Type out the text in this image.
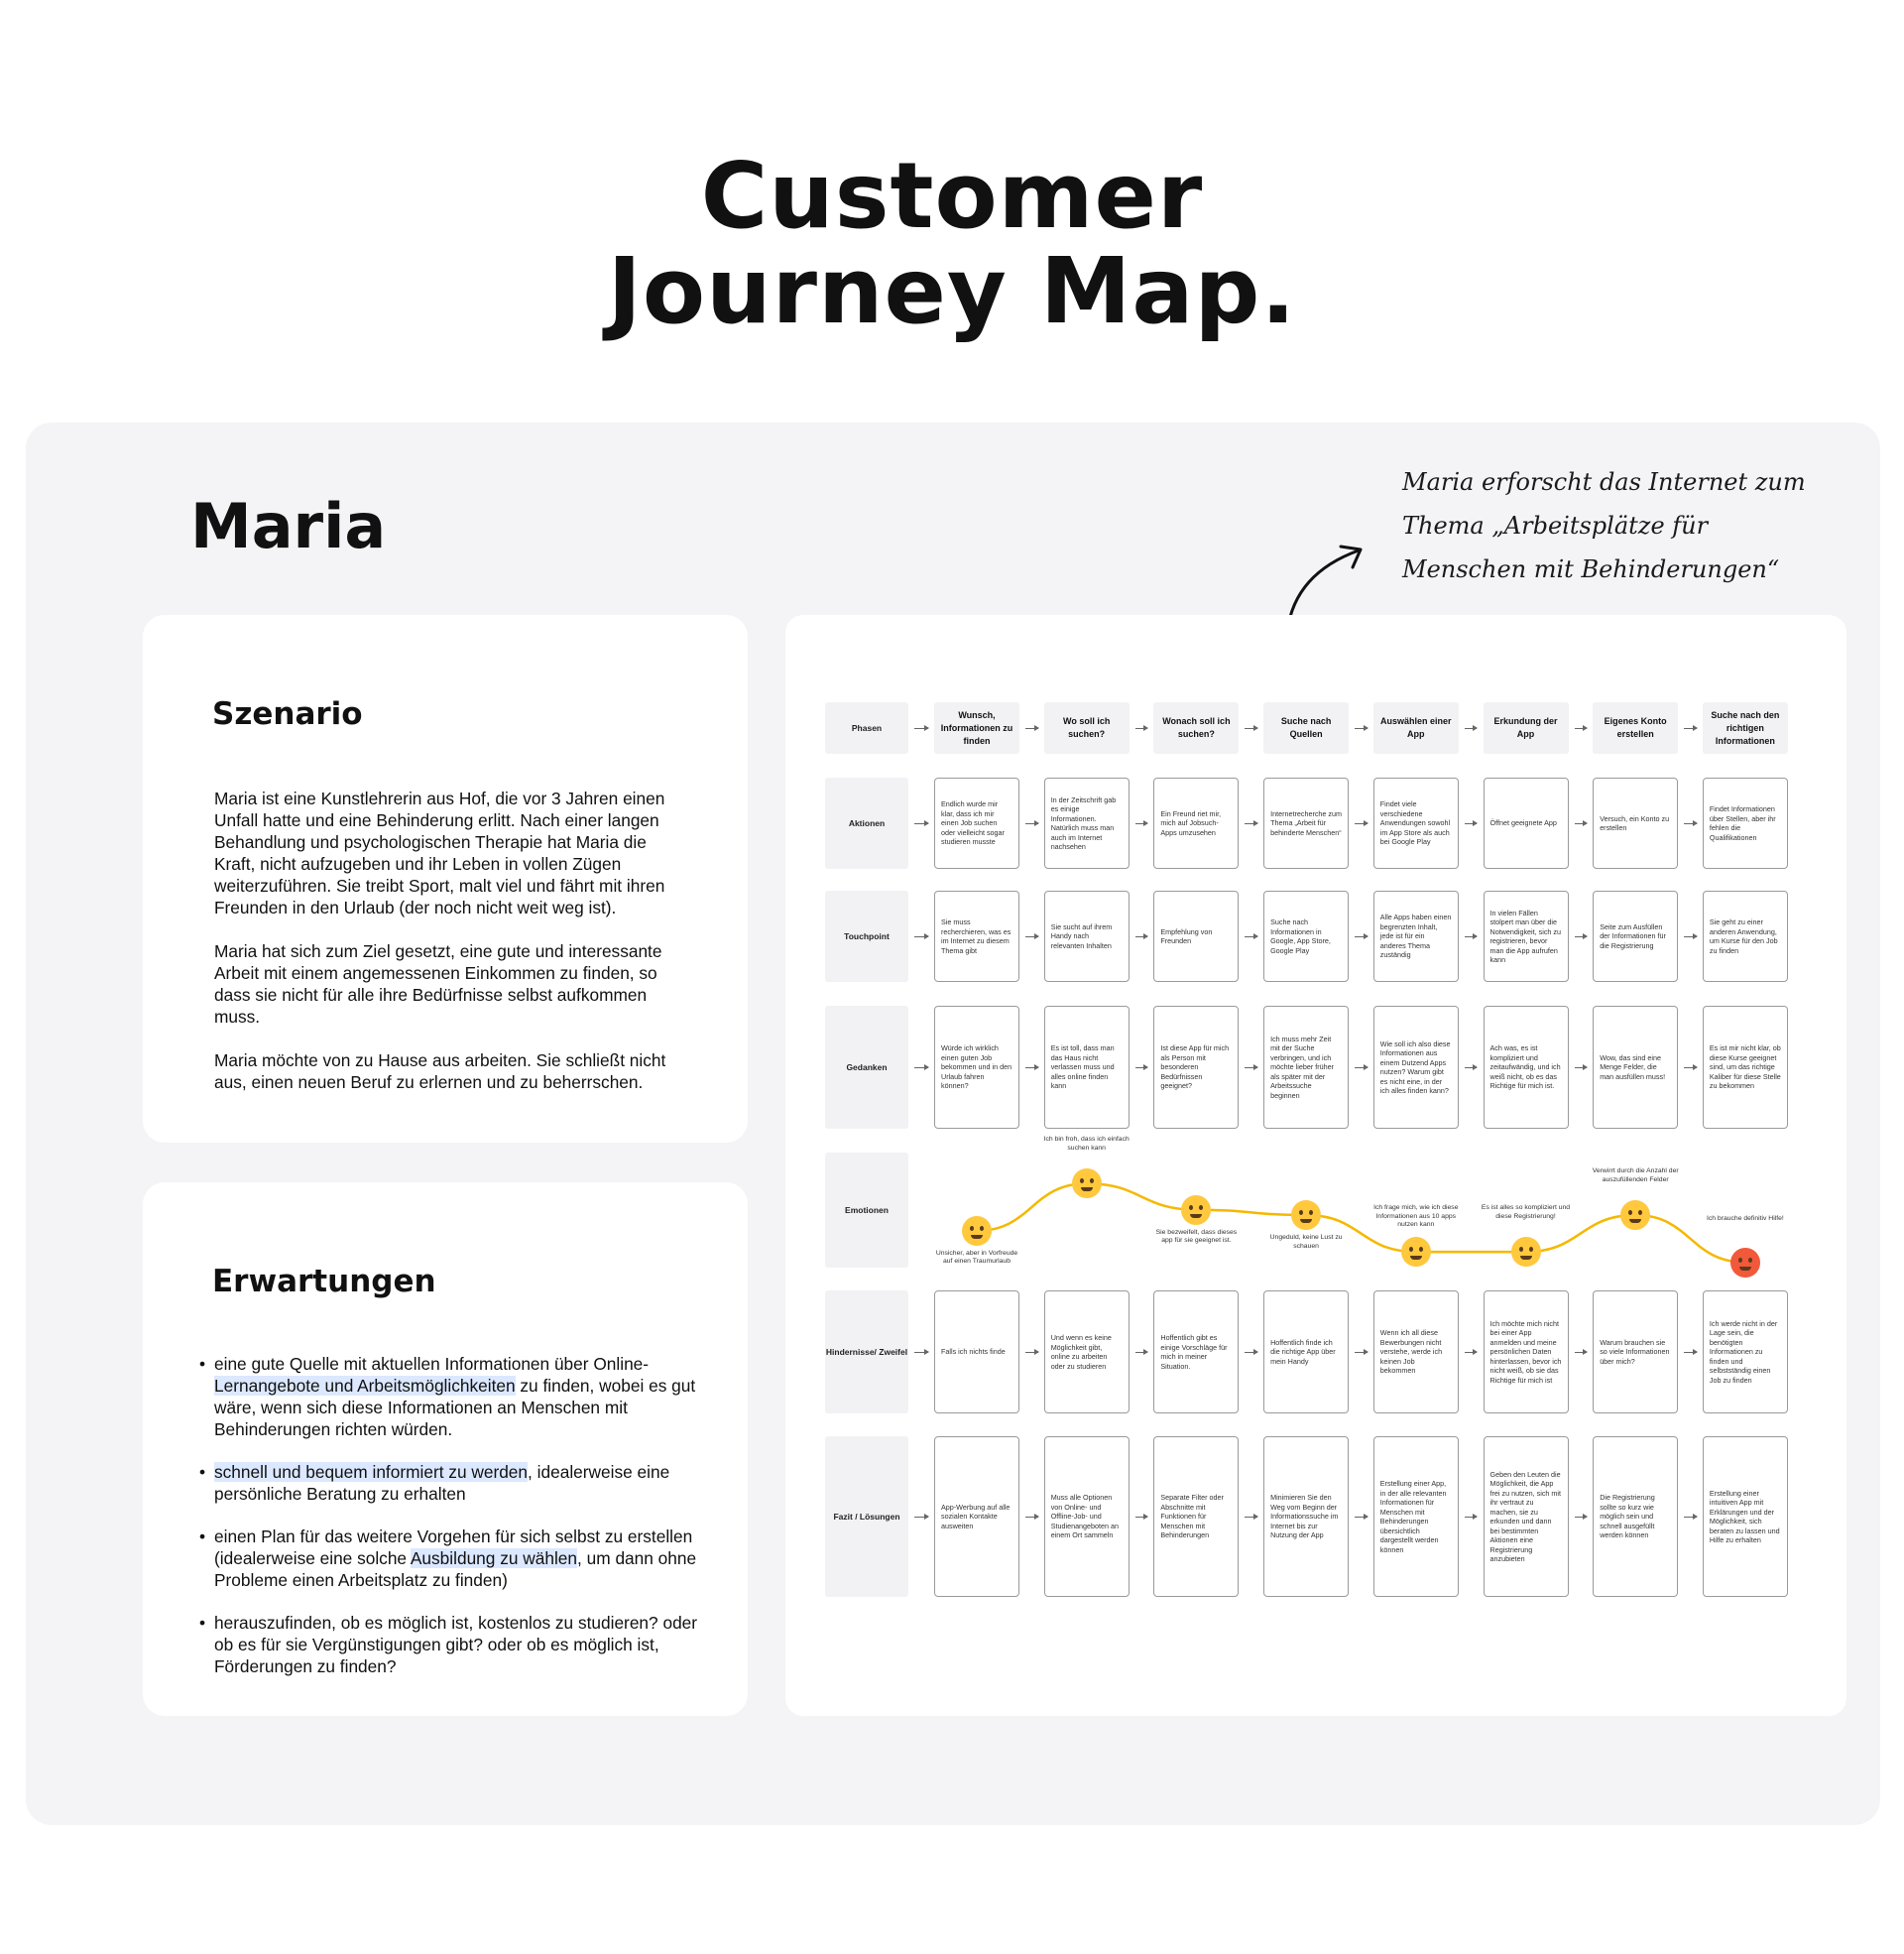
Customer
Journey Map.
Maria
Maria erforscht das Internet zum Thema „Arbeitsplätze für Menschen mit Behinderungen“
Szenario

Maria ist eine Kunstlehrerin aus Hof, die vor 3 Jahren einen Unfall hatte und eine Behinderung erlitt. Nach einer langen Behandlung und psychologischen Therapie hat Maria die Kraft, nicht aufzugeben und ihr Leben in vollen Zügen weiterzuführen. Sie treibt Sport, malt viel und fährt mit ihren Freunden in den Urlaub (der noch nicht weit weg ist).

Maria hat sich zum Ziel gesetzt, eine gute und interessante Arbeit mit einem angemessenen Einkommen zu finden, so dass sie nicht für alle ihre Bedürfnisse selbst aufkommen muss.

Maria möchte von zu Hause aus arbeiten. Sie schließt nicht aus, einen neuen Beruf zu erlernen und zu beherrschen.

Erwartungen
• eine gute Quelle mit aktuellen Informationen über Online-Lernangebote und Arbeitsmöglichkeiten zu finden, wobei es gut wäre, wenn sich diese Informationen an Menschen mit Behinderungen richten würden.
• schnell und bequem informiert zu werden, idealerweise eine persönliche Beratung zu erhalten
• einen Plan für das weitere Vorgehen für sich selbst zu erstellen (idealerweise eine solche Ausbildung zu wählen, um dann ohne Probleme einen Arbeitsplatz zu finden)
• herauszufinden, ob es möglich ist, kostenlos zu studieren? oder ob es für sie Vergünstigungen gibt? oder ob es möglich ist, Förderungen zu finden?
Phasen
Wunsch, Informationen zu finden
Wo soll ich suchen?
Wonach soll ich suchen?
Suche nach Quellen
Auswählen einer App
Erkundung der App
Eigenes Konto erstellen
Suche nach den richtigen Informationen
Aktionen
Endlich wurde mir klar, dass ich mir einen Job suchen oder vielleicht sogar studieren musste
In der Zeitschrift gab es einige Informationen. Natürlich muss man auch im Internet nachsehen
Ein Freund riet mir, mich auf Jobsuch-Apps umzusehen
Internetrecherche zum Thema „Arbeit für behinderte Menschen“
Findet viele verschiedene Anwendungen sowohl im App Store als auch bei Google Play
Öffnet geeignete App
Versuch, ein Konto zu erstellen
Findet Informationen über Stellen, aber ihr fehlen die Qualifikationen
Touchpoint
Sie muss recherchieren, was es im Internet zu diesem Thema gibt
Sie sucht auf ihrem Handy nach relevanten Inhalten
Empfehlung von Freunden
Suche nach Informationen in Google, App Store, Google Play
Alle Apps haben einen begrenzten Inhalt, jede ist für ein anderes Thema zuständig
In vielen Fällen stolpert man über die Notwendigkeit, sich zu registrieren, bevor man die App aufrufen kann
Seite zum Ausfüllen der Informationen für die Registrierung
Sie geht zu einer anderen Anwendung, um Kurse für den Job zu finden
Gedanken
Würde ich wirklich einen guten Job bekommen und in den Urlaub fahren können?
Es ist toll, dass man das Haus nicht verlassen muss und alles online finden kann
Ist diese App für mich als Person mit besonderen Bedürfnissen geeignet?
Ich muss mehr Zeit mit der Suche verbringen, und ich möchte lieber früher als später mit der Arbeitssuche beginnen
Wie soll ich also diese Informationen aus einem Dutzend Apps nutzen? Warum gibt es nicht eine, in der ich alles finden kann?
Ach was, es ist kompliziert und zeitaufwändig, und ich weiß nicht, ob es das Richtige für mich ist.
Wow, das sind eine Menge Felder, die man ausfüllen muss!
Es ist mir nicht klar, ob diese Kurse geeignet sind, um das richtige Kaliber für diese Stelle zu bekommen
Emotionen
Hindernisse/ Zweifel	Falls ich nichts finde
Und wenn es keine Möglichkeit gibt, online zu arbeiten oder zu studieren
Hoffentlich gibt es einige Vorschläge für mich in meiner Situation.
Hoffentlich finde ich die richtige App über mein Handy
Wenn ich all diese Bewerbungen nicht verstehe, werde ich keinen Job bekommen
Ich möchte mich nicht bei einer App anmelden und meine persönlichen Daten hinterlassen, bevor ich nicht weiß, ob sie das Richtige für mich ist
Warum brauchen sie so viele Informationen über mich?
Ich werde nicht in der Lage sein, die benötigten Informationen zu finden und selbstständig einen Job zu finden
Fazit / Lösungen
App-Werbung auf alle sozialen Kontakte ausweiten
Muss alle Optionen von Online- und Offline-Job- und Studienangeboten an einem Ort sammeln
Separate Filter oder Abschnitte mit Funktionen für Menschen mit Behinderungen
Minimieren Sie den Weg vom Beginn der Informationssuche im Internet bis zur Nutzung der App
Erstellung einer App, in der alle relevanten Informationen für Menschen mit Behinderungen übersichtlich dargestellt werden können
Geben den Leuten die Möglichkeit, die App frei zu nutzen, sich mit ihr vertraut zu machen, sie zu erkunden und dann bei bestimmten Aktionen eine Registrierung anzubieten
Die Registrierung sollte so kurz wie möglich sein und schnell ausgefüllt werden können
Erstellung einer intuitiven App mit Erklärungen und der Möglichkeit, sich beraten zu lassen und Hilfe zu erhalten
Unsicher, aber in Vorfreude auf einen Traumurlaub
Ich bin froh, dass ich einfach suchen kann
Sie bezweifelt, dass dieses app für sie geeignet ist.	Ungeduld, keine Lust zu schauen
Ich frage mich, wie ich diese Informationen aus 10 apps nutzen kann
Es ist alles so kompliziert und diese Registrierung!
Verwirrt durch die Anzahl der auszufüllenden Felder
Ich brauche definitiv Hilfe!
